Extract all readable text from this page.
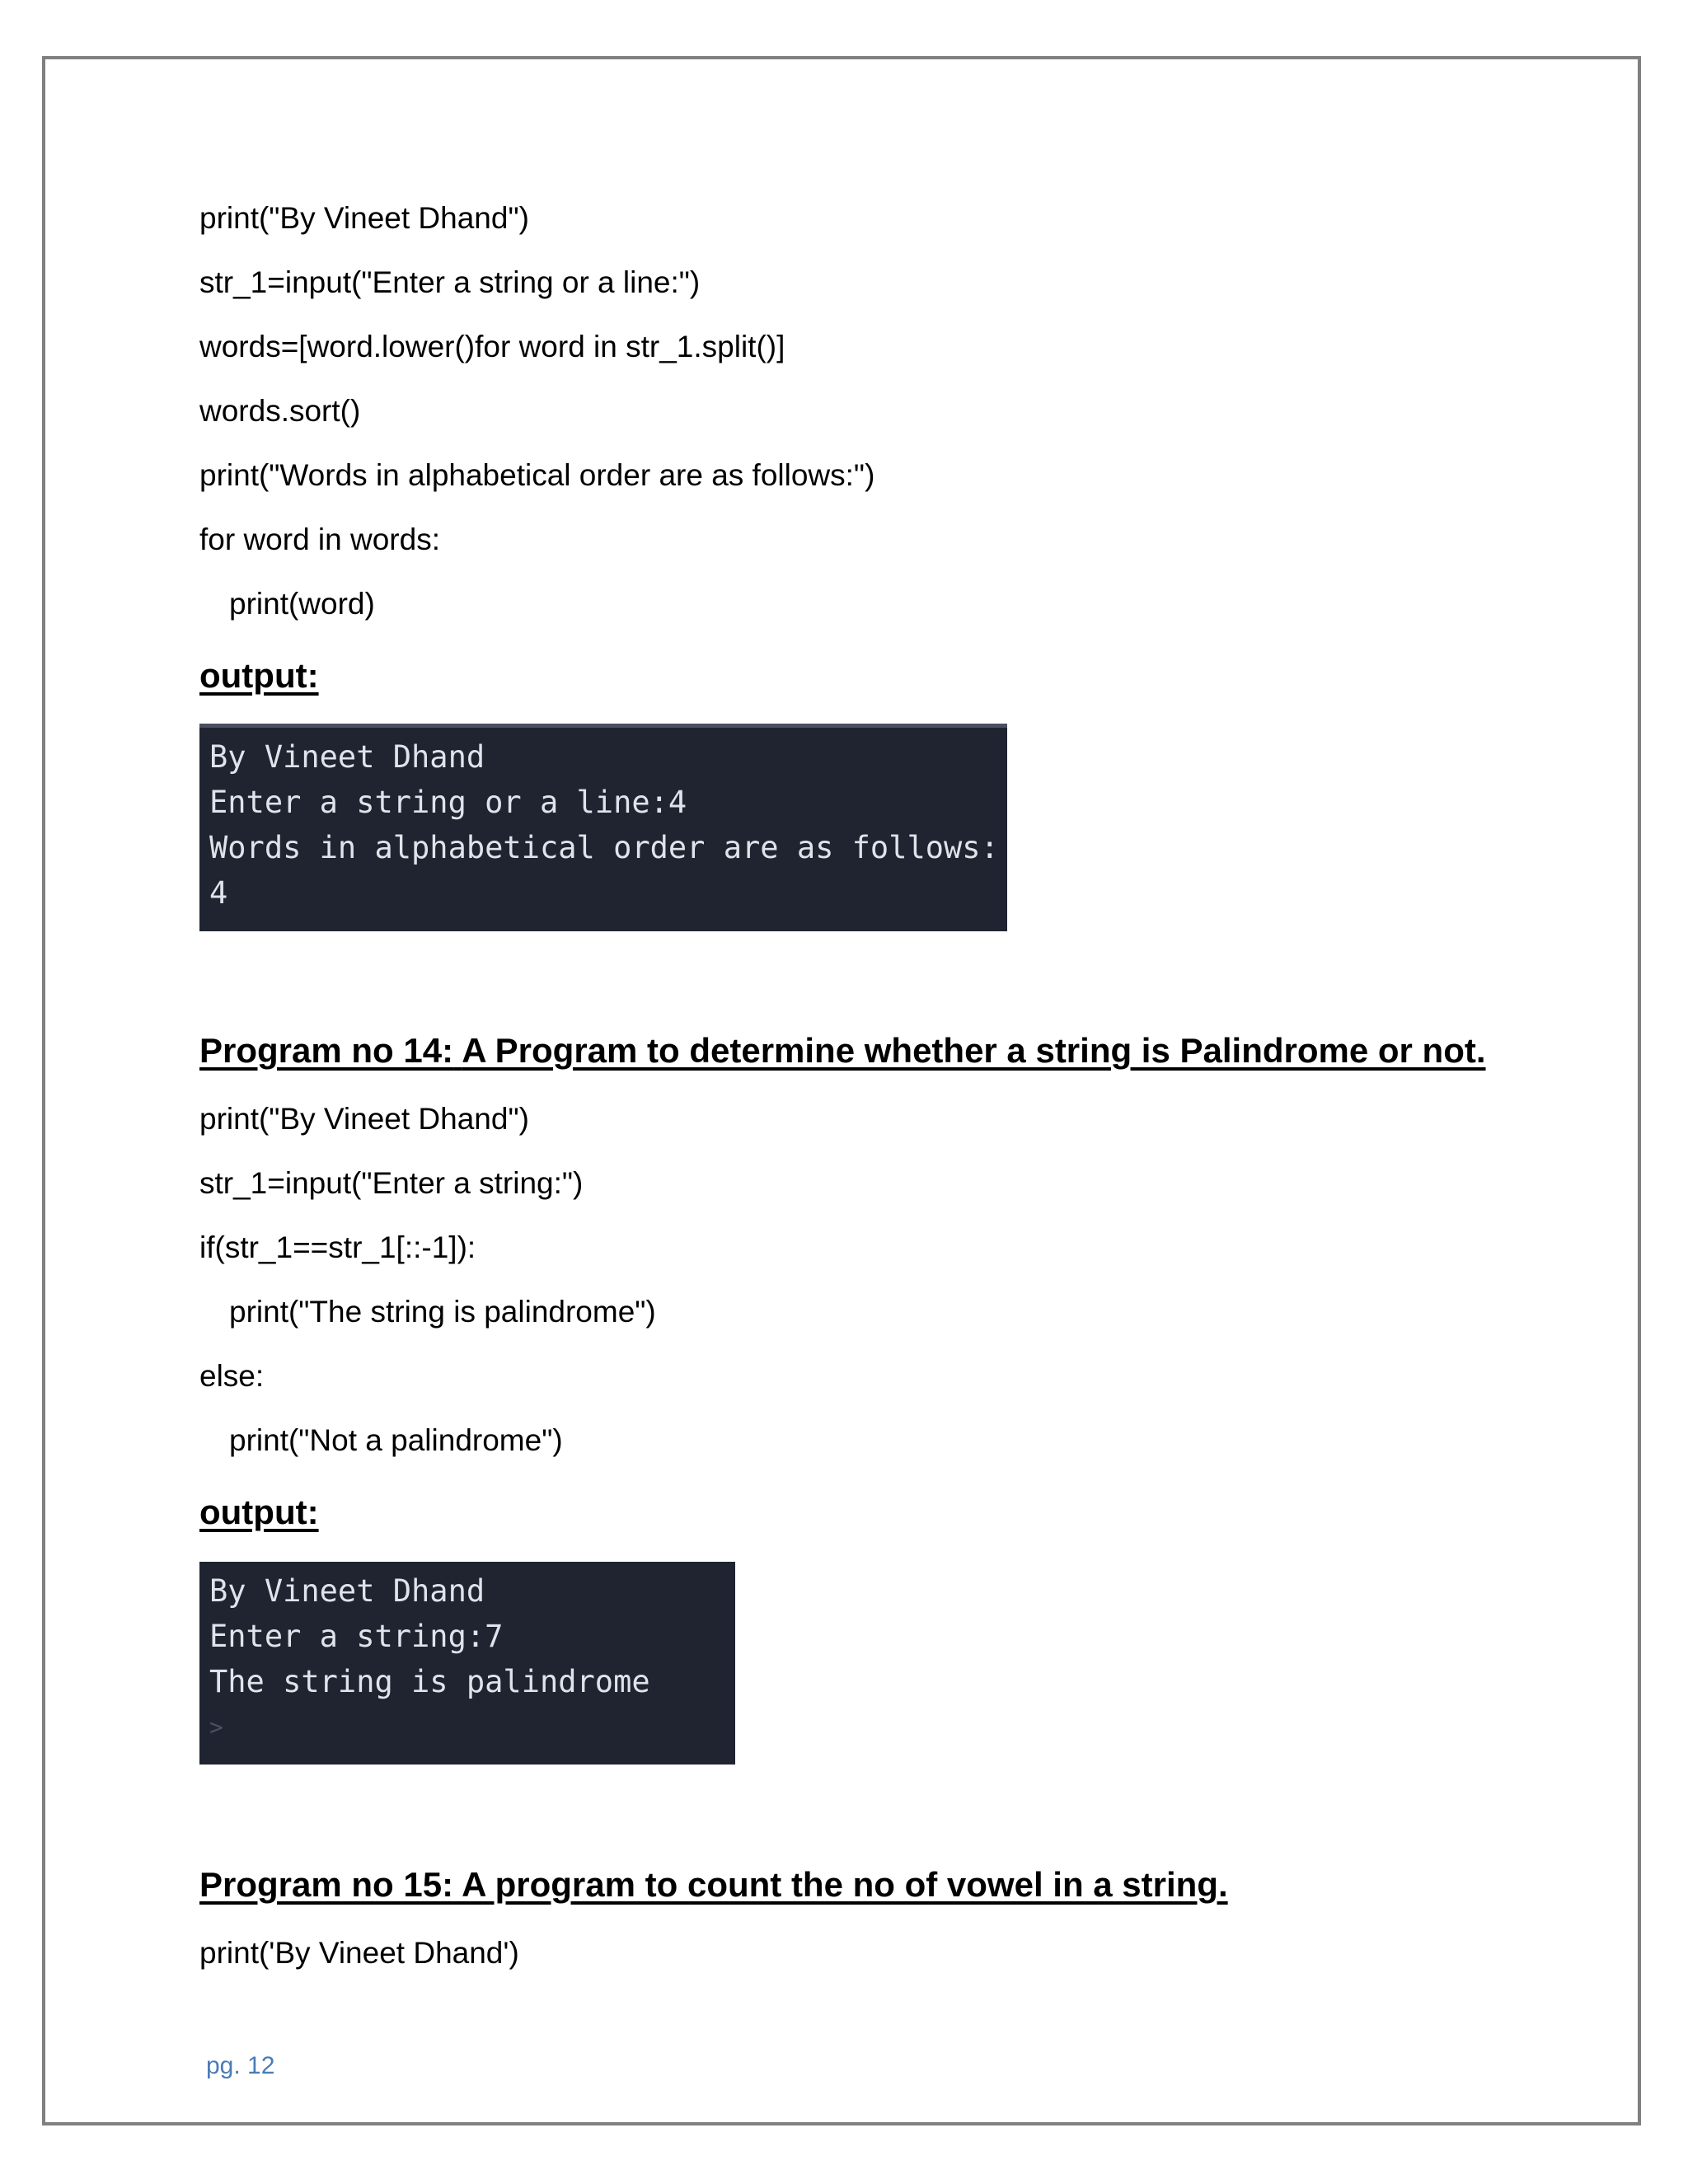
print("By Vineet Dhand")
str_1=input("Enter a string or a line:")
words=[word.lower()for word in str_1.split()]
words.sort()
print("Words in alphabetical order are as follows:")
for word in words:
print(word)
output:
By Vineet Dhand
Enter a string or a line:4
Words in alphabetical order are as follows:
4
Program no 14: A Program to determine whether a string is Palindrome or not.
print("By Vineet Dhand")
str_1=input("Enter a string:")
if(str_1==str_1[::-1]):
print("The string is palindrome")
else:
print("Not a palindrome")
output:
By Vineet Dhand
Enter a string:7
The string is palindrome
>
Program no 15: A program to count the no of vowel in a string.
print('By Vineet Dhand')
pg. 12
